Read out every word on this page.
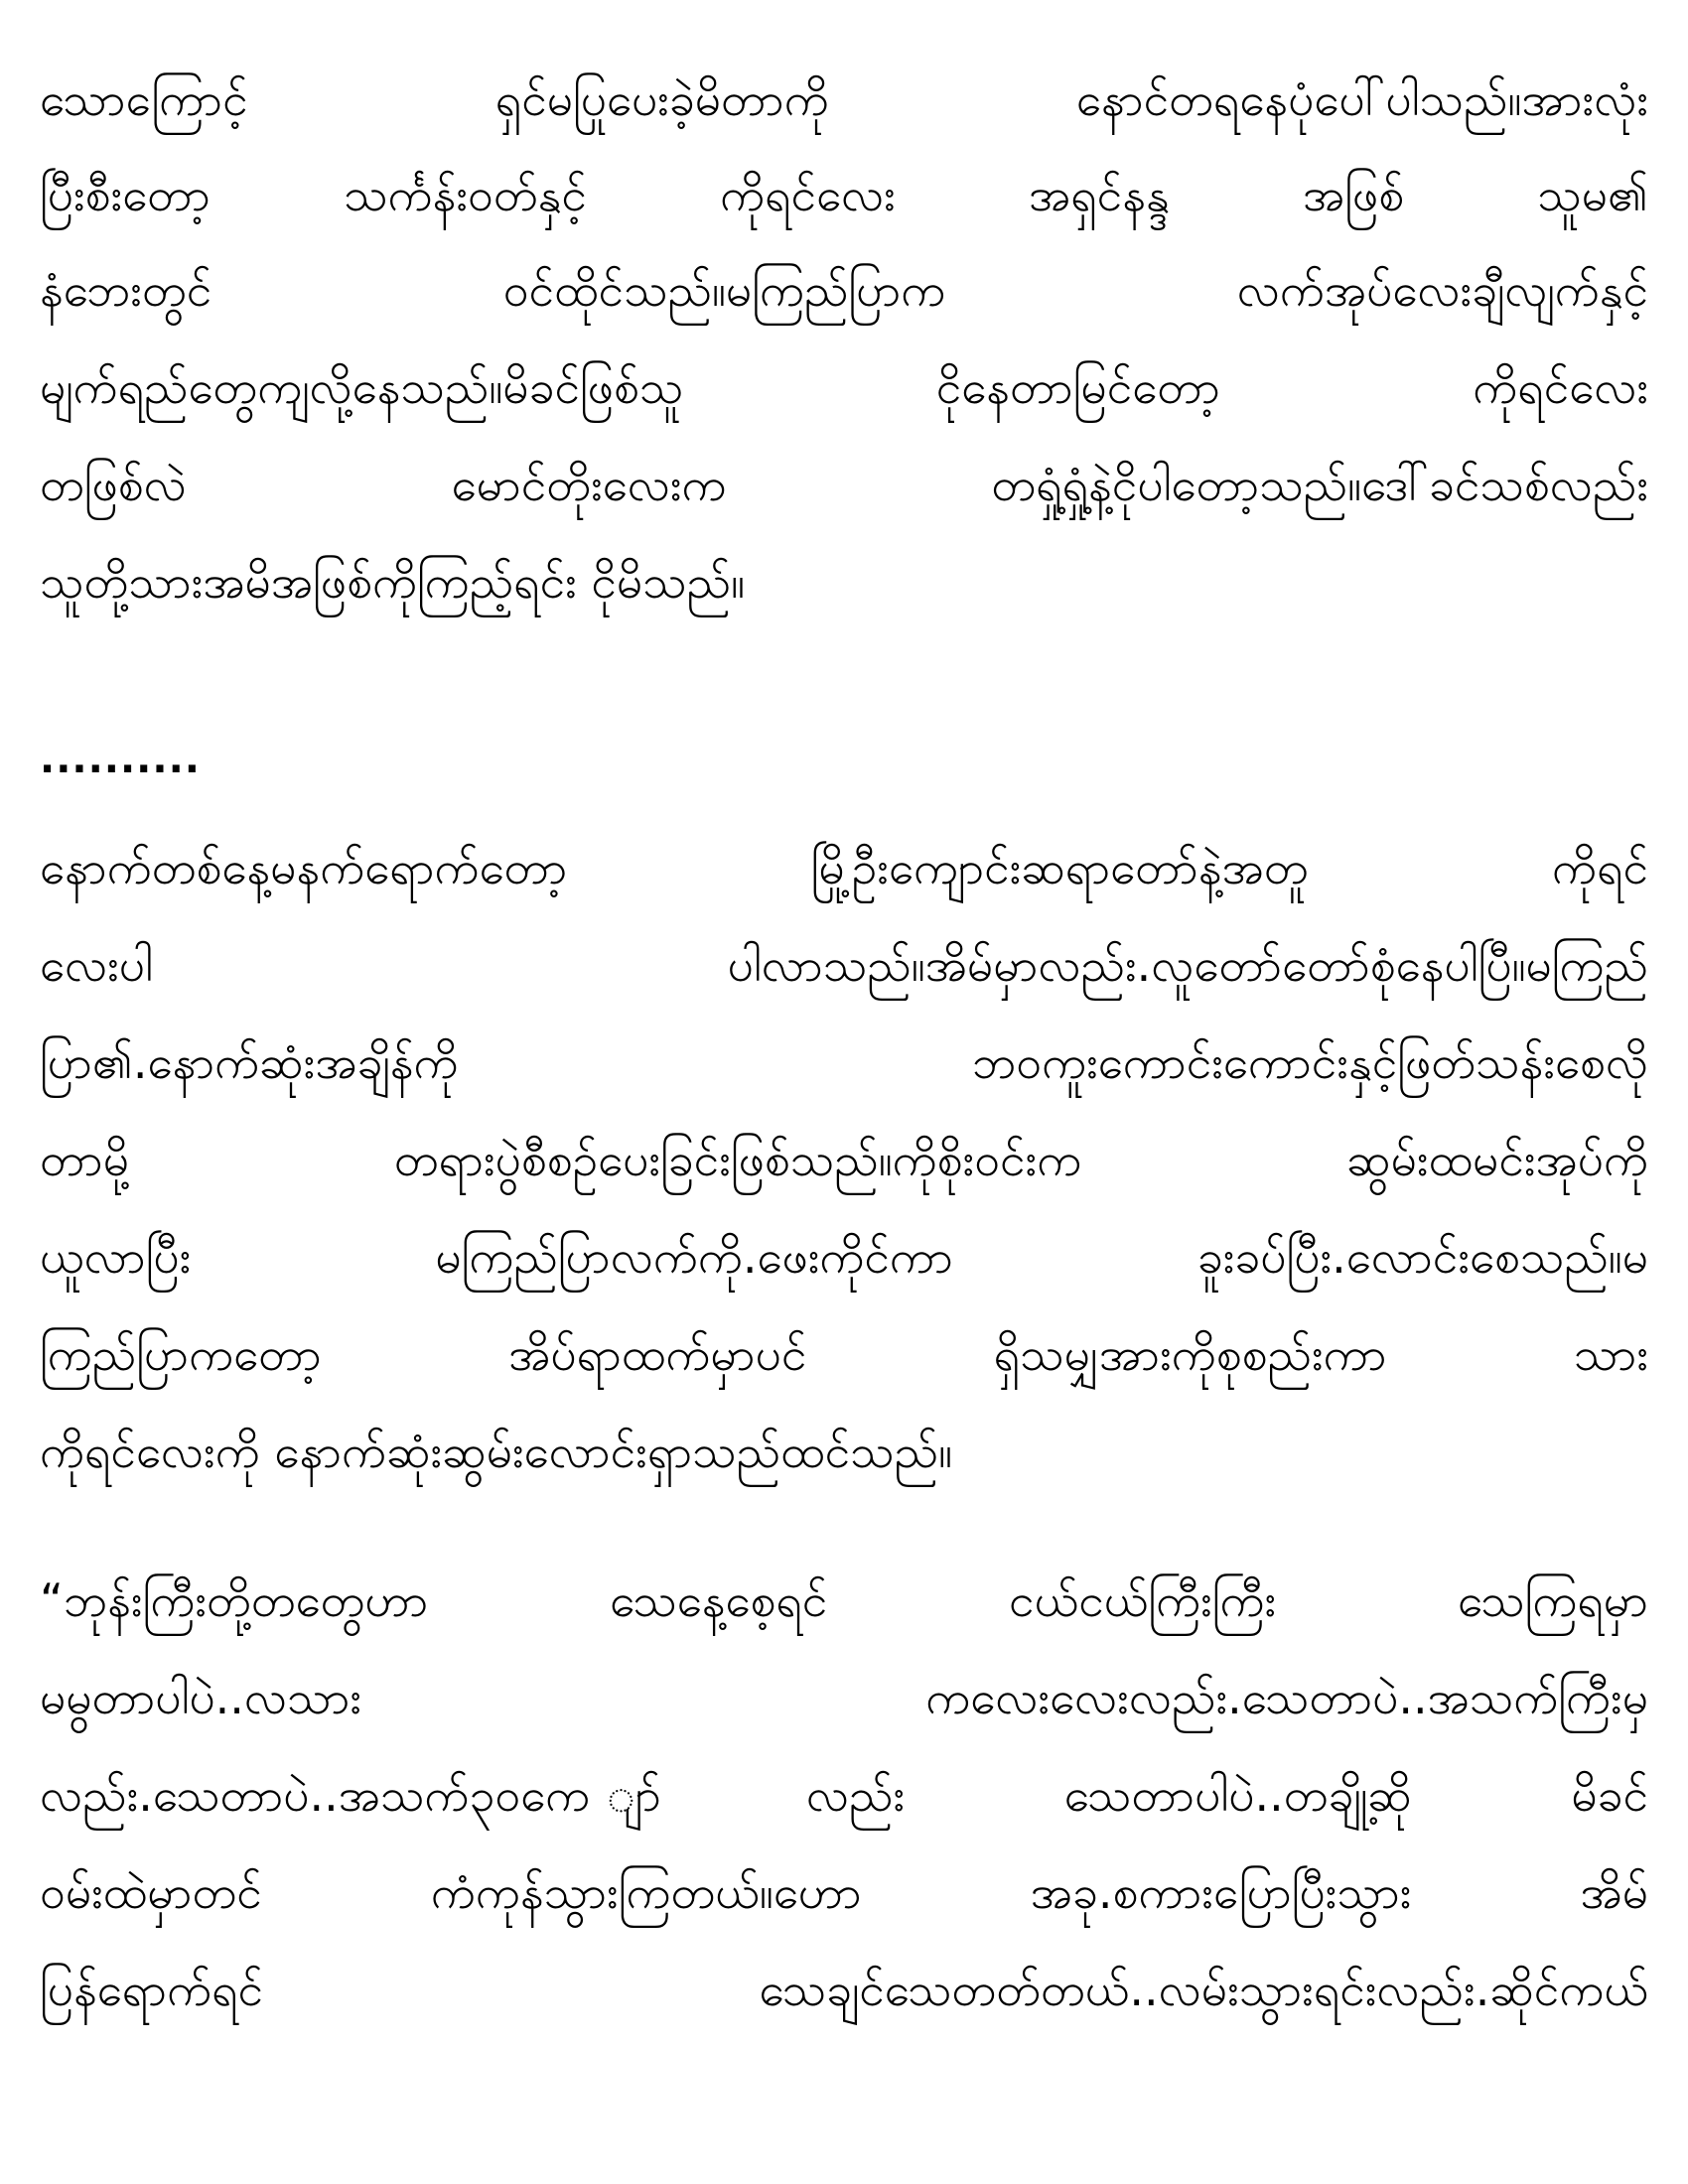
သောကြောင့် ရှင်မပြုပေးခဲ့မိတာကို နောင်တရနေပုံပေါ်ပါသည်။အားလုံး
ပြီးစီးတော့ သင်္ကန်းဝတ်နှင့် ကိုရင်လေး အရှင်နန္ဒ အဖြစ် သူမ၏
နံဘေးတွင် ဝင်ထိုင်သည်။မကြည်ပြာက လက်အုပ်လေးချီလျက်နှင့်
မျက်ရည်တွေကျလို့နေသည်။မိခင်ဖြစ်သူ ငိုနေတာမြင်တော့ ကိုရင်လေး
တဖြစ်လဲ မောင်တိုးလေးက တရှုံ့ရှုံ့နဲ့ငိုပါတော့သည်။ဒေါ်ခင်သစ်လည်း
သူတို့သားအမိအဖြစ်ကိုကြည့်ရင်း ငိုမိသည်။
..........
နောက်တစ်နေ့မနက်ရောက်တော့ မြို့ဦးကျောင်းဆရာတော်နဲ့အတူ ကိုရင်
လေးပါ ပါလာသည်။အိမ်မှာလည်း.လူတော်တော်စုံနေပါပြီ။မကြည်
ပြာ၏.နောက်ဆုံးအချိန်ကို ဘဝကူးကောင်းကောင်းနှင့်ဖြတ်သန်းစေလို
တာမို့ တရားပွဲစီစဉ်ပေးခြင်းဖြစ်သည်။ကိုစိုးဝင်းက ဆွမ်းထမင်းအုပ်ကို
ယူလာပြီး မကြည်ပြာလက်ကို.ဖေးကိုင်ကာ ခူးခပ်ပြီး.လောင်းစေသည်။မ
ကြည်ပြာကတော့ အိပ်ရာထက်မှာပင် ရှိသမျှအားကိုစုစည်းကာ သား
ကိုရင်လေးကို နောက်ဆုံးဆွမ်းလောင်းရှာသည်ထင်သည်။
“ဘုန်းကြီးတို့တတွေဟာ သေနေ့စေ့ရင် ငယ်ငယ်ကြီးကြီး သေကြရမှာ
မမွတာပါပဲ..လသား ကလေးလေးလည်း.သေတာပဲ..အသက်ကြီးမှ
လည်း.သေတာပဲ..အသက်၃၀ကေ ျာ်လည်း သေတာပါပဲ..တချို့ဆို မိခင်
ဝမ်းထဲမှာတင် ကံကုန်သွားကြတယ်။ဟော အခု.စကားပြောပြီးသွား အိမ်
ပြန်ရောက်ရင် သေချင်သေတတ်တယ်..လမ်းသွားရင်းလည်း.ဆိုင်ကယ်
